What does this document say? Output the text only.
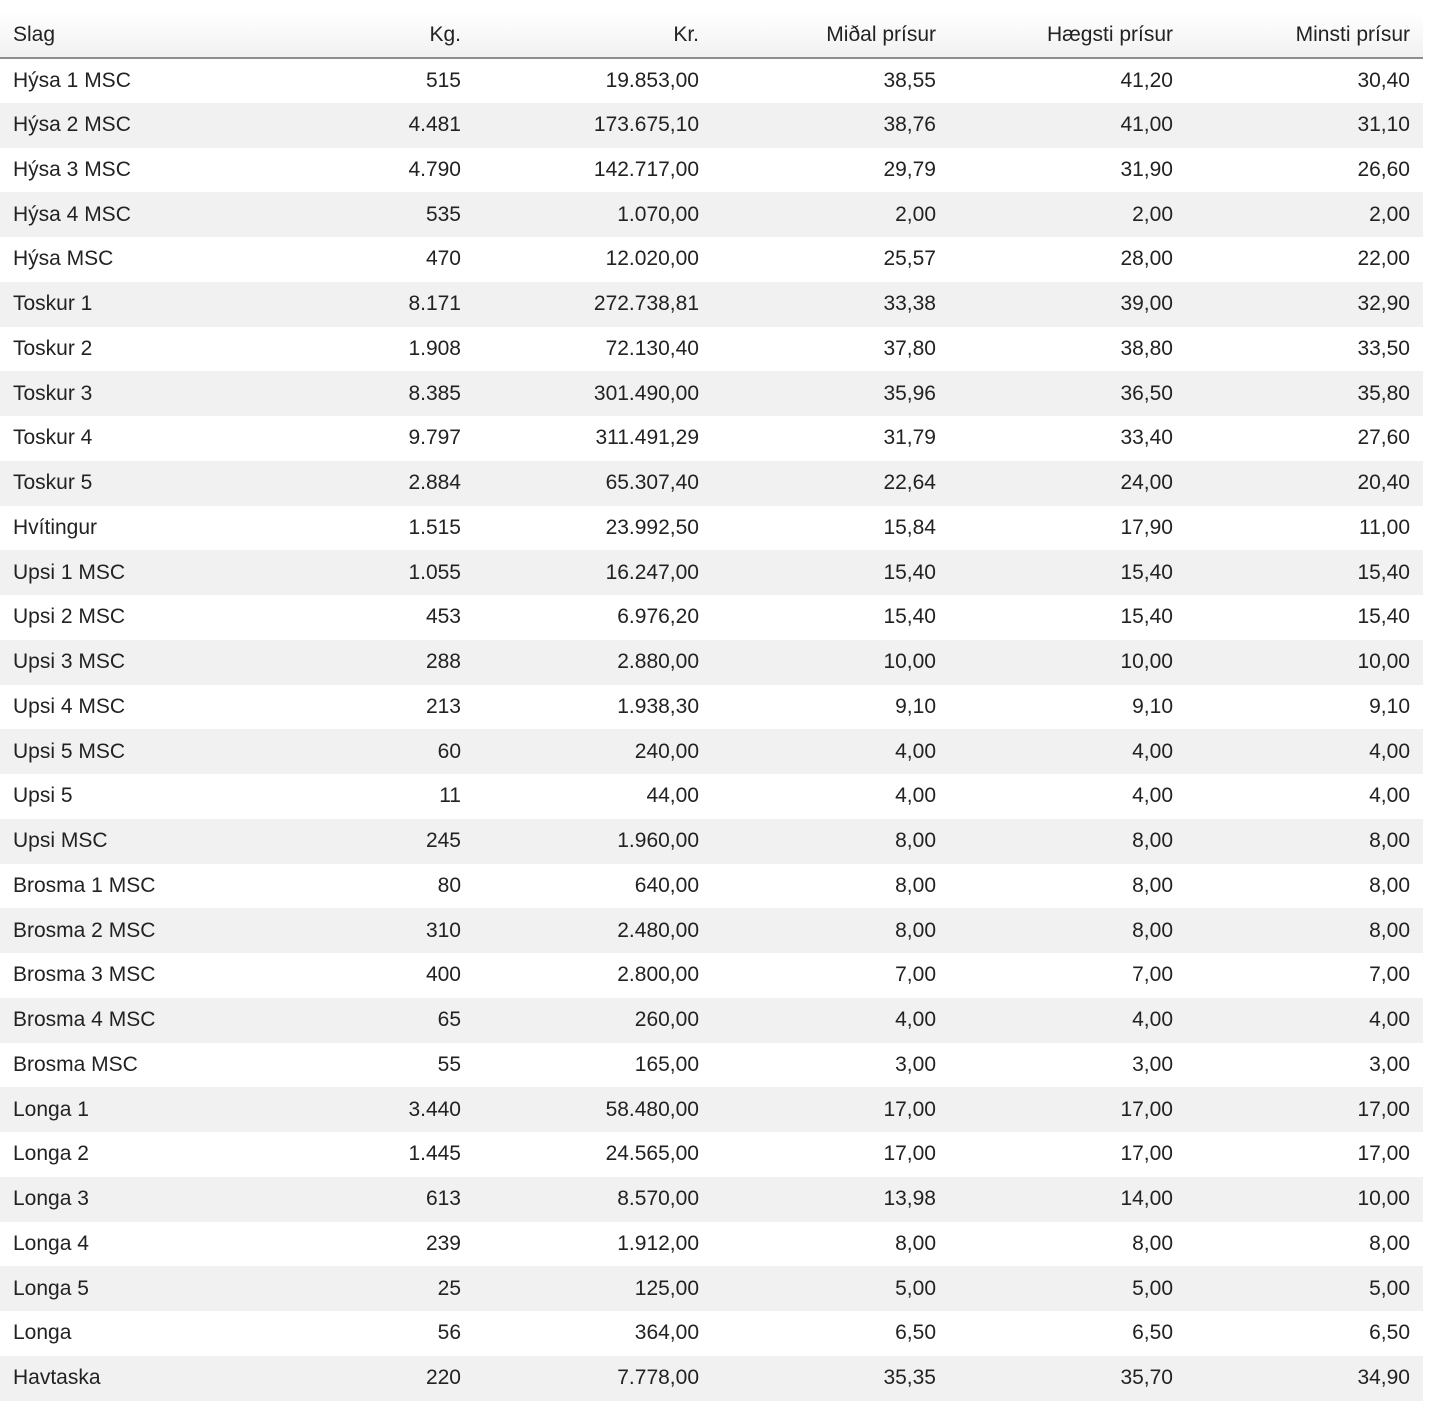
Slag	Kg.	Kr.	Miðal prísur	Hægsti prísur	Minsti prísur
Hýsa 1 MSC	515	19.853,00	38,55	41,20	30,40
Hýsa 2 MSC	4.481	173.675,10	38,76	41,00	31,10
Hýsa 3 MSC	4.790	142.717,00	29,79	31,90	26,60
Hýsa 4 MSC	535	1.070,00	2,00	2,00	2,00
Hýsa MSC	470	12.020,00	25,57	28,00	22,00
Toskur 1	8.171	272.738,81	33,38	39,00	32,90
Toskur 2	1.908	72.130,40	37,80	38,80	33,50
Toskur 3	8.385	301.490,00	35,96	36,50	35,80
Toskur 4	9.797	311.491,29	31,79	33,40	27,60
Toskur 5	2.884	65.307,40	22,64	24,00	20,40
Hvítingur	1.515	23.992,50	15,84	17,90	11,00
Upsi 1 MSC	1.055	16.247,00	15,40	15,40	15,40
Upsi 2 MSC	453	6.976,20	15,40	15,40	15,40
Upsi 3 MSC	288	2.880,00	10,00	10,00	10,00
Upsi 4 MSC	213	1.938,30	9,10	9,10	9,10
Upsi 5 MSC	60	240,00	4,00	4,00	4,00
Upsi 5	11	44,00	4,00	4,00	4,00
Upsi MSC	245	1.960,00	8,00	8,00	8,00
Brosma 1 MSC	80	640,00	8,00	8,00	8,00
Brosma 2 MSC	310	2.480,00	8,00	8,00	8,00
Brosma 3 MSC	400	2.800,00	7,00	7,00	7,00
Brosma 4 MSC	65	260,00	4,00	4,00	4,00
Brosma MSC	55	165,00	3,00	3,00	3,00
Longa 1	3.440	58.480,00	17,00	17,00	17,00
Longa 2	1.445	24.565,00	17,00	17,00	17,00
Longa 3	613	8.570,00	13,98	14,00	10,00
Longa 4	239	1.912,00	8,00	8,00	8,00
Longa 5	25	125,00	5,00	5,00	5,00
Longa	56	364,00	6,50	6,50	6,50
Havtaska	220	7.778,00	35,35	35,70	34,90
